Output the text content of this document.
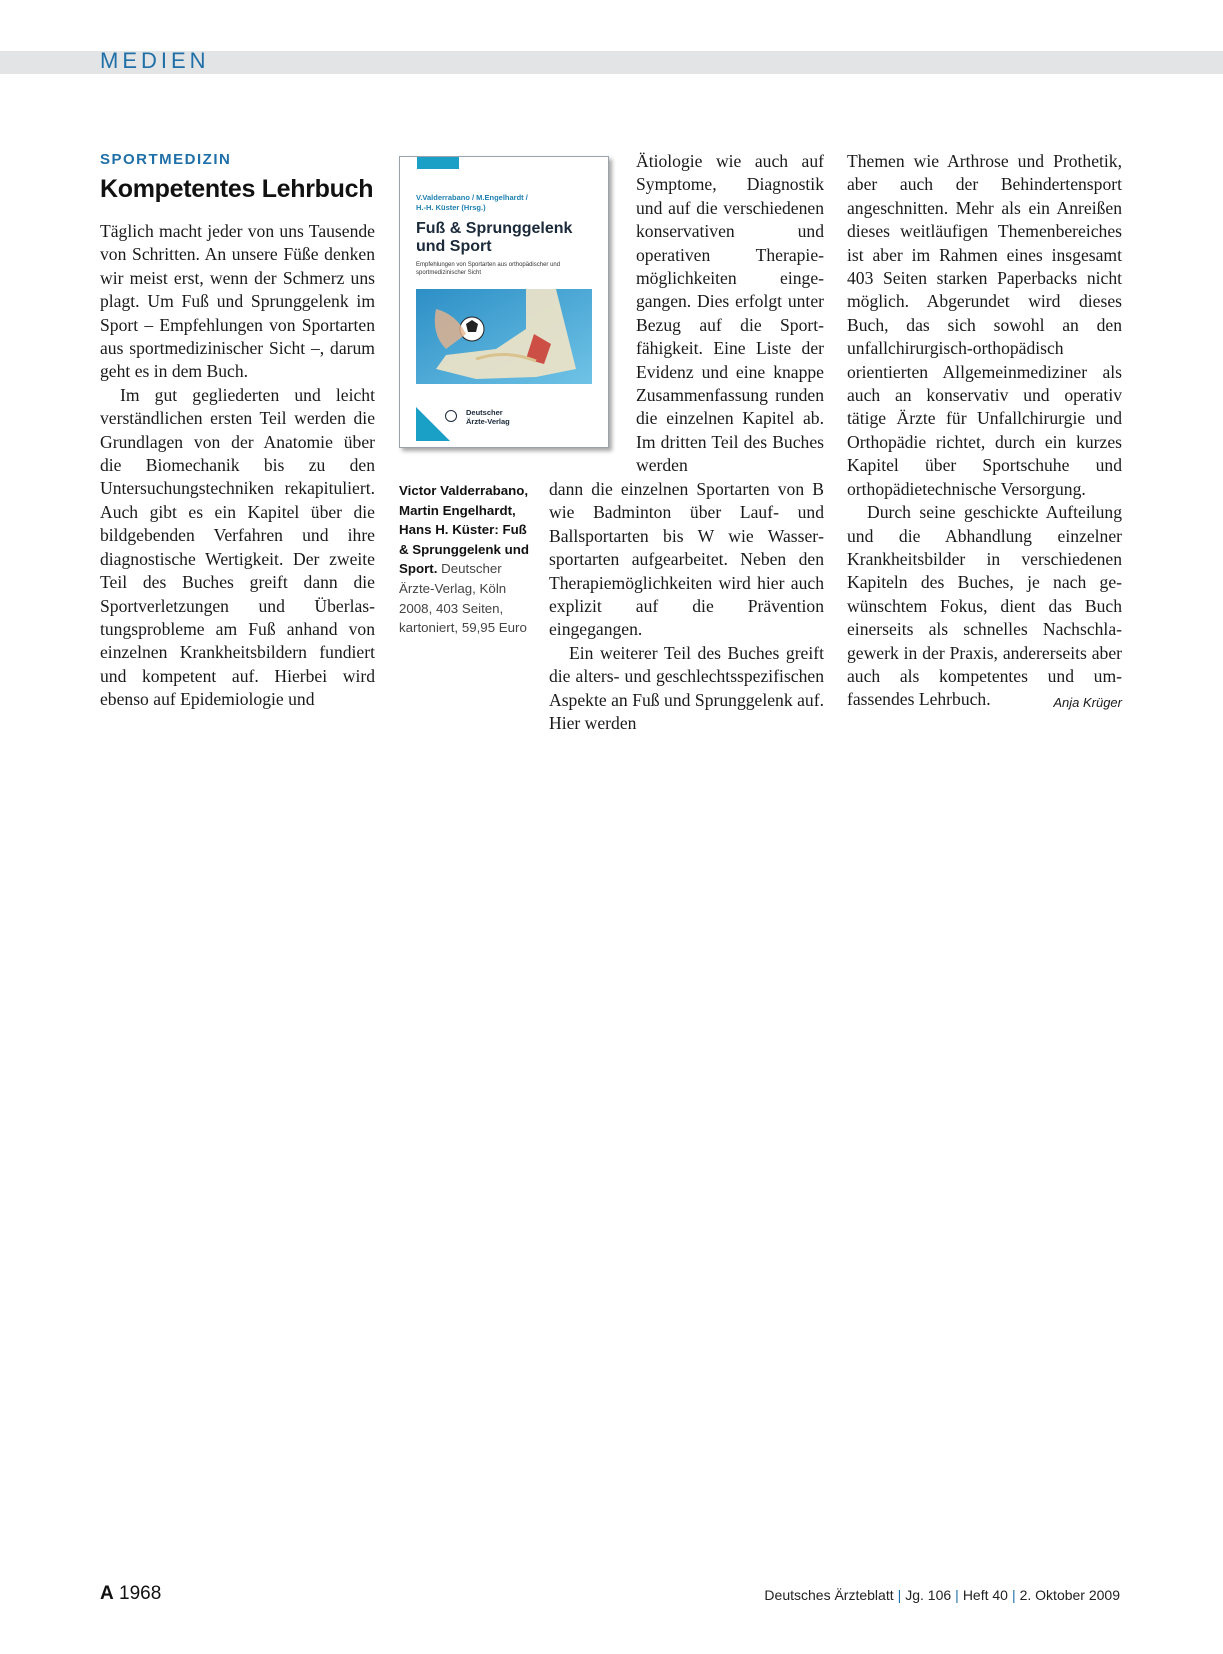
MEDIEN
SPORTMEDIZIN
Kompetentes Lehrbuch

Täglich macht jeder von uns Tausende von Schritten. An unsere Füße denken wir meist erst, wenn der Schmerz uns plagt. Um Fuß und Sprunggelenk im Sport – Empfehlungen von Sportarten aus sportmedizinischer Sicht –, darum geht es in dem Buch.

Im gut gegliederten und leicht verständlichen ersten Teil werden die Grundlagen von der Anatomie über die Biomechanik bis zu den Untersuchungstechniken rekapituliert. Auch gibt es ein Kapitel über die bildgebenden Verfahren und ihre diagnostische Wertigkeit. Der zweite Teil des Buches greift dann die Sportverletzungen und Überlastungsprobleme am Fuß anhand von einzelnen Krankheitsbildern fundiert und kompetent auf. Hierbei wird ebenso auf Epidemiologie und

V.Valderrabano / M.Engelhardt /
H.-H. Küster (Hrsg.)
Fuß & Sprunggelenk
und Sport
Empfehlungen von Sportarten aus orthopädischer und sportmedizinischer Sicht
Deutscher
Ärzte-Verlag
Victor Valderrabano, Martin Engelhardt, Hans H. Küster: Fuß & Sprunggelenk und Sport. Deutscher Ärzte-Verlag, Köln 2008, 403 Seiten, kartoniert, 59,95 Euro

Ätiologie wie auch auf Symptome, Diagnostik und auf die verschiedenen konservativen und operativen Therapiemöglichkeiten eingegangen. Dies erfolgt unter Bezug auf die Sportfähigkeit. Eine Liste der Evidenz und eine knappe Zusammenfassung runden die einzelnen Kapitel ab. Im dritten Teil des Buches werden

dann die einzelnen Sportarten von B wie Badminton über Lauf- und Ballsportarten bis W wie Wassersportarten aufgearbeitet. Neben den Therapiemöglichkeiten wird hier auch explizit auf die Prävention eingegangen.

Ein weiterer Teil des Buches greift die alters- und geschlechtsspezifischen Aspekte an Fuß und Sprunggelenk auf. Hier werden

Themen wie Arthrose und Prothetik, aber auch der Behindertensport angeschnitten. Mehr als ein Anreißen dieses weitläufigen Themenbereiches ist aber im Rahmen eines insgesamt 403 Seiten starken Paperbacks nicht möglich. Abgerundet wird dieses Buch, das sich sowohl an den unfallchirurgisch-orthopädisch orientierten Allgemeinmediziner als auch an konservativ und operativ tätige Ärzte für Unfallchirurgie und Orthopädie richtet, durch ein kurzes Kapitel über Sportschuhe und orthopädietechnische Versorgung.

Durch seine geschickte Aufteilung und die Abhandlung einzelner Krankheitsbilder in verschiedenen Kapiteln des Buches, je nach gewünschtem Fokus, dient das Buch einerseits als schnelles Nachschlagewerk in der Praxis, andererseits aber auch als kompetentes und umfassendes Lehrbuch.	Anja Krüger

A 1968	Deutsches Ärzteblatt | Jg. 106 | Heft 40 | 2. Oktober 2009
